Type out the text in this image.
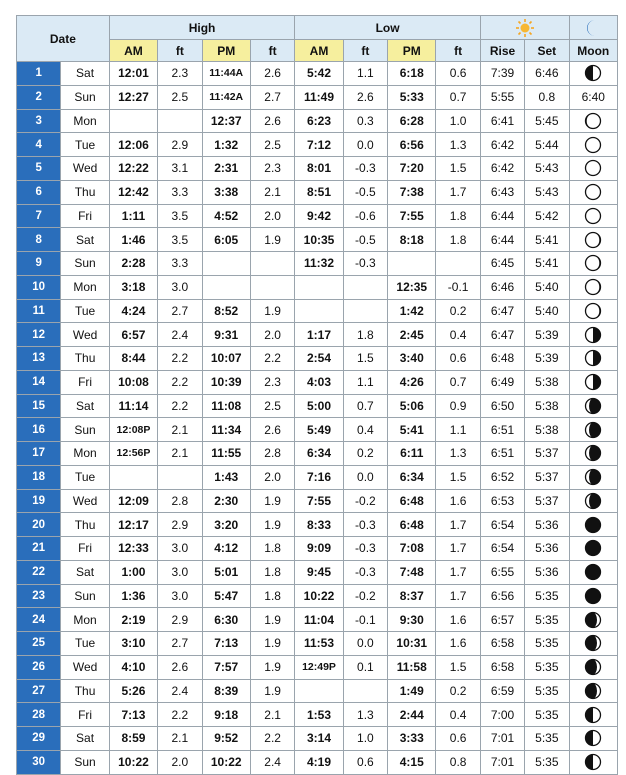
Date		High				Low		
		AM	ft	PM	ft	AM	ft	PM	ft	Rise	Set	Moon
1	Sat	12:01	2.3	11:44A	2.6	5:42	1.1	6:18	0.6	7:39	6:46	

2	Sun	12:27	2.5	11:42A	2.7	11:49	2.6	5:33	0.7	5:55	0.8	6:40
3	Mon			12:37	2.6	6:23	0.3	6:28	1.0	6:41	5:45	

4	Tue	12:06	2.9	1:32	2.5	7:12	0.0	6:56	1.3	6:42	5:44	

5	Wed	12:22	3.1	2:31	2.3	8:01	-0.3	7:20	1.5	6:42	5:43	

6	Thu	12:42	3.3	3:38	2.1	8:51	-0.5	7:38	1.7	6:43	5:43	

7	Fri	1:11	3.5	4:52	2.0	9:42	-0.6	7:55	1.8	6:44	5:42	

8	Sat	1:46	3.5	6:05	1.9	10:35	-0.5	8:18	1.8	6:44	5:41	

9	Sun	2:28	3.3			11:32	-0.3			6:45	5:41	

10	Mon	3:18	3.0					12:35	-0.1	6:46	5:40	

11	Tue	4:24	2.7	8:52	1.9			1:42	0.2	6:47	5:40	

12	Wed	6:57	2.4	9:31	2.0	1:17	1.8	2:45	0.4	6:47	5:39	

13	Thu	8:44	2.2	10:07	2.2	2:54	1.5	3:40	0.6	6:48	5:39	

14	Fri	10:08	2.2	10:39	2.3	4:03	1.1	4:26	0.7	6:49	5:38	

15	Sat	11:14	2.2	11:08	2.5	5:00	0.7	5:06	0.9	6:50	5:38	

16	Sun	12:08P	2.1	11:34	2.6	5:49	0.4	5:41	1.1	6:51	5:38	

17	Mon	12:56P	2.1	11:55	2.8	6:34	0.2	6:11	1.3	6:51	5:37	

18	Tue			1:43	2.0	7:16	0.0	6:34	1.5	6:52	5:37	

19	Wed	12:09	2.8	2:30	1.9	7:55	-0.2	6:48	1.6	6:53	5:37	

20	Thu	12:17	2.9	3:20	1.9	8:33	-0.3	6:48	1.7	6:54	5:36	

21	Fri	12:33	3.0	4:12	1.8	9:09	-0.3	7:08	1.7	6:54	5:36	

22	Sat	1:00	3.0	5:01	1.8	9:45	-0.3	7:48	1.7	6:55	5:36	

23	Sun	1:36	3.0	5:47	1.8	10:22	-0.2	8:37	1.7	6:56	5:35	

24	Mon	2:19	2.9	6:30	1.9	11:04	-0.1	9:30	1.6	6:57	5:35	

25	Tue	3:10	2.7	7:13	1.9	11:53	0.0	10:31	1.6	6:58	5:35	

26	Wed	4:10	2.6	7:57	1.9	12:49P	0.1	11:58	1.5	6:58	5:35	

27	Thu	5:26	2.4	8:39	1.9			1:49	0.2	6:59	5:35	

28	Fri	7:13	2.2	9:18	2.1	1:53	1.3	2:44	0.4	7:00	5:35	

29	Sat	8:59	2.1	9:52	2.2	3:14	1.0	3:33	0.6	7:01	5:35	

30	Sun	10:22	2.0	10:22	2.4	4:19	0.6	4:15	0.8	7:01	5:35	
